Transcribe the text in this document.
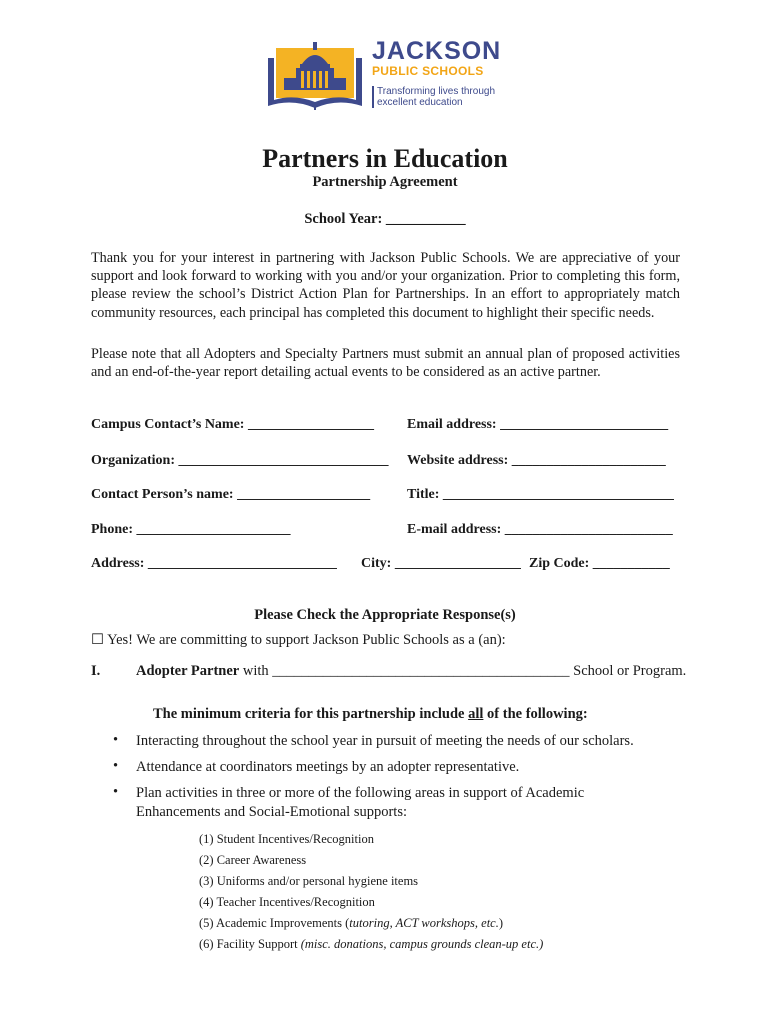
JACKSON
PUBLIC SCHOOLS
Transforming lives through
excellent education
Partners in Education
Partnership Agreement
School Year: ___________

Thank you for your interest in partnering with Jackson Public Schools. We are appreciative of your support and look forward to working with you and/or your organization. Prior to completing this form, please review the school’s District Action Plan for Partnerships. In an effort to appropriately match community resources, each principal has completed this document to highlight their specific needs.

Please note that all Adopters and Specialty Partners must submit an annual plan of proposed activities and an end-of-the-year report detailing actual events to be considered as an active partner.

Campus Contact’s Name: __________________ Email address: ________________________
Organization: ______________________________ Website address: ______________________
Contact Person’s name: ___________________	Title: _________________________________
Phone: ______________________	E-mail address: ________________________
Address: ___________________________ City: __________________ Zip Code: ___________
Please Check the Appropriate Response(s)
☐ Yes! We are committing to support Jackson Public Schools as a (an):
I. Adopter Partner with _________________________________________ School or Program.
The minimum criteria for this partnership include all of the following:
• Interacting throughout the school year in pursuit of meeting the needs of our scholars.
• Attendance at coordinators meetings by an adopter representative.
• Plan activities in three or more of the following areas in support of Academic Enhancements and Social-Emotional supports:
(1) Student Incentives/Recognition
(2) Career Awareness
(3) Uniforms and/or personal hygiene items
(4) Teacher Incentives/Recognition
(5) Academic Improvements (tutoring, ACT workshops, etc.)
(6) Facility Support (misc. donations, campus grounds clean-up etc.)
